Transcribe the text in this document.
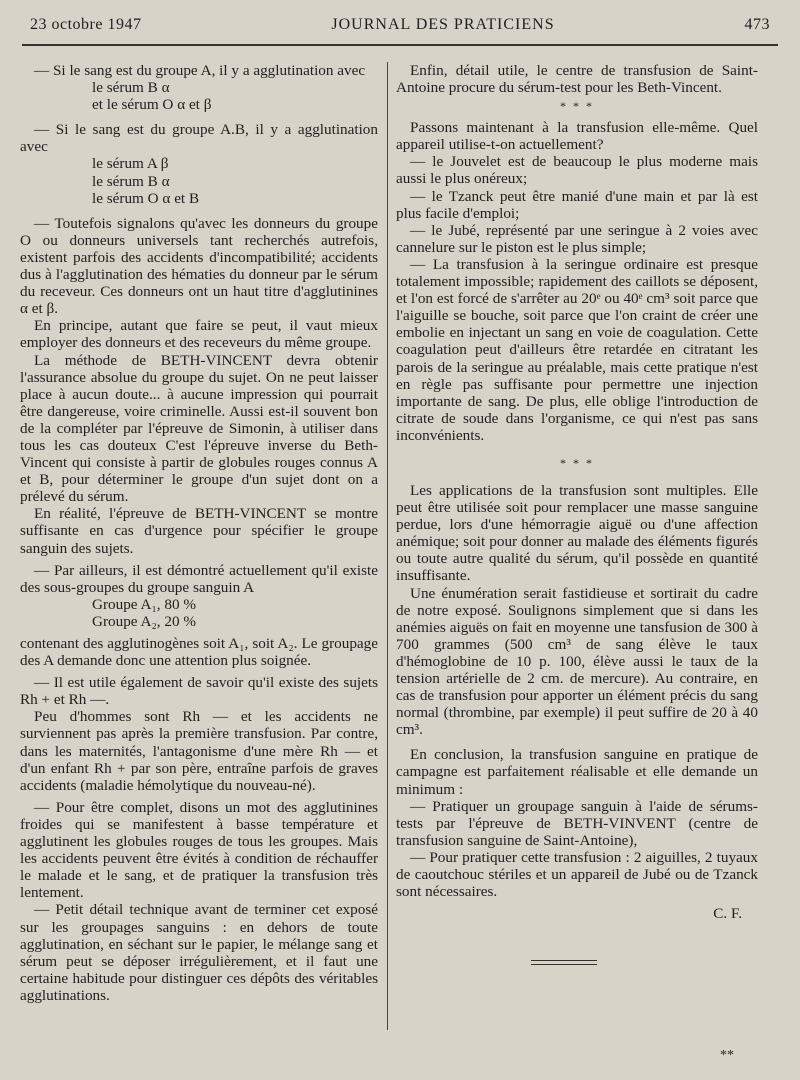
23 octobre 1947	JOURNAL DES PRATICIENS	473

— Si le sang est du groupe A, il y a agglutination avec

le sérum B α

et le sérum O α et β

— Si le sang est du groupe A.B, il y a agglutination avec

le sérum A β

le sérum B α

le sérum O α et B

— Toutefois signalons qu'avec les donneurs du groupe O ou donneurs universels tant recherchés autrefois, existent parfois des accidents d'incompatibilité; accidents dus à l'agglutination des hématies du donneur par le sérum du receveur. Ces donneurs ont un haut titre d'agglutinines α et β.

En principe, autant que faire se peut, il vaut mieux employer des donneurs et des receveurs du même groupe.

La méthode de BETH-VINCENT devra obtenir l'assurance absolue du groupe du sujet. On ne peut laisser place à aucun doute... à aucune impression qui pourrait être dangereuse, voire criminelle. Aussi est-il souvent bon de la compléter par l'épreuve de Simonin, à utiliser dans tous les cas douteux C'est l'épreuve inverse du Beth-Vincent qui consiste à partir de globules rouges connus A et B, pour déterminer le groupe d'un sujet dont on a prélevé du sérum.

En réalité, l'épreuve de BETH-VINCENT se montre suffisante en cas d'urgence pour spécifier le groupe sanguin des sujets.

— Par ailleurs, il est démontré actuellement qu'il existe des sous-groupes du groupe sanguin A

Groupe A₁, 80 %

Groupe A₂, 20 %

contenant des agglutinogènes soit A₁, soit A₂. Le groupage des A demande donc une attention plus soignée.

— Il est utile également de savoir qu'il existe des sujets Rh + et Rh —.

Peu d'hommes sont Rh — et les accidents ne surviennent pas après la première transfusion. Par contre, dans les maternités, l'antagonisme d'une mère Rh — et d'un enfant Rh + par son père, entraîne parfois de graves accidents (maladie hémolytique du nouveau-né).

— Pour être complet, disons un mot des agglutinines froides qui se manifestent à basse température et agglutinent les globules rouges de tous les groupes. Mais les accidents peuvent être évités à condition de réchauffer le malade et le sang, et de pratiquer la transfusion très lentement.

— Petit détail technique avant de terminer cet exposé sur les groupages sanguins : en dehors de toute agglutination, en séchant sur le papier, le mélange sang et sérum peut se déposer irrégulièrement, et il faut une certaine habitude pour distinguer ces dépôts des véritables agglutinations.

Enfin, détail utile, le centre de transfusion de Saint-Antoine procure du sérum-test pour les Beth-Vincent.

* * *

Passons maintenant à la transfusion elle-même. Quel appareil utilise-t-on actuellement?

— le Jouvelet est de beaucoup le plus moderne mais aussi le plus onéreux;

— le Tzanck peut être manié d'une main et par là est plus facile d'emploi;

— le Jubé, représenté par une seringue à 2 voies avec cannelure sur le piston est le plus simple;

— La transfusion à la seringue ordinaire est presque totalement impossible; rapidement des caillots se déposent, et l'on est forcé de s'arrêter au 20ᵉ ou 40ᵉ cm³ soit parce que l'aiguille se bouche, soit parce que l'on craint de créer une embolie en injectant un sang en voie de coagulation. Cette coagulation peut d'ailleurs être retardée en citratant les parois de la seringue au préalable, mais cette pratique n'est en règle pas suffisante pour permettre une injection importante de sang. De plus, elle oblige l'introduction de citrate de soude dans l'organisme, ce qui n'est pas sans inconvénients.

* * *

Les applications de la transfusion sont multiples. Elle peut être utilisée soit pour remplacer une masse sanguine perdue, lors d'une hémorragie aiguë ou d'une affection anémique; soit pour donner au malade des éléments figurés ou toute autre qualité du sérum, qu'il possède en quantité insuffisante.

Une énumération serait fastidieuse et sortirait du cadre de notre exposé. Soulignons simplement que si dans les anémies aiguës on fait en moyenne une tansfusion de 300 à 700 grammes (500 cm³ de sang élève le taux d'hémoglobine de 10 p. 100, élève aussi le taux de la tension artérielle de 2 cm. de mercure). Au contraire, en cas de transfusion pour apporter un élément précis du sang normal (thrombine, par exemple) il peut suffire de 20 à 40 cm³.

En conclusion, la transfusion sanguine en pratique de campagne est parfaitement réalisable et elle demande un minimum :

— Pratiquer un groupage sanguin à l'aide de sérums-tests par l'épreuve de BETH-VINVENT (centre de transfusion sanguine de Saint-Antoine),

— Pour pratiquer cette transfusion : 2 aiguilles, 2 tuyaux de caoutchouc stériles et un appareil de Jubé ou de Tzanck sont nécessaires.

C. F.

**
